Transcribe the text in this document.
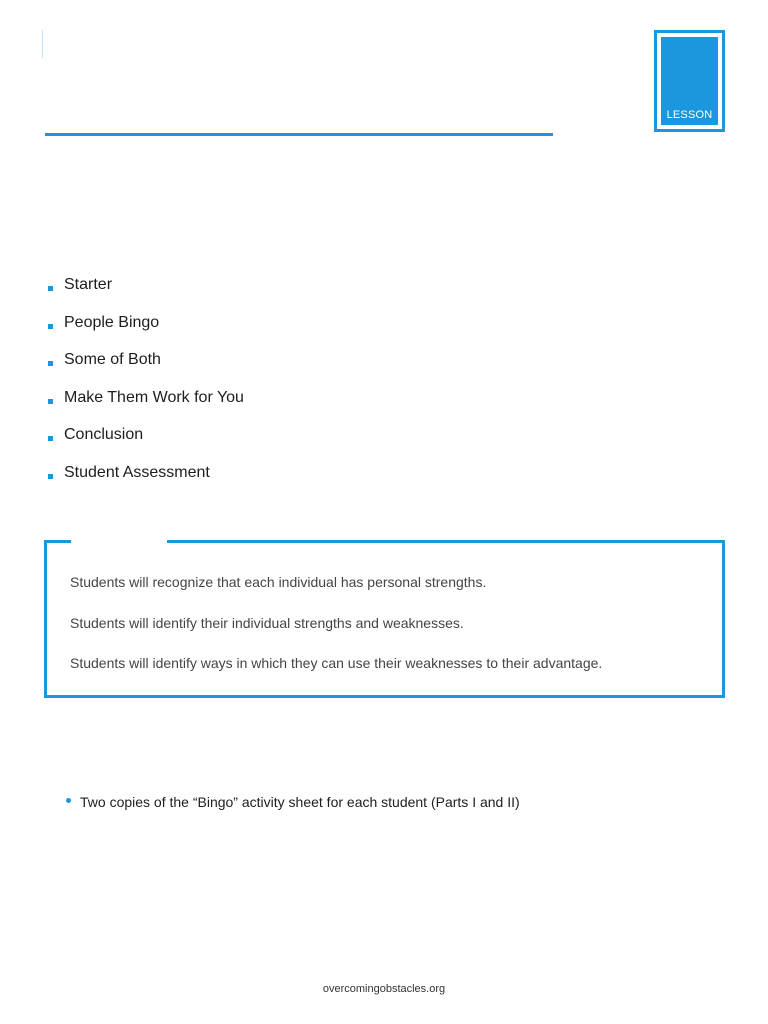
LESSON
Starter
People Bingo
Some of Both
Make Them Work for You
Conclusion
Student Assessment
Students will recognize that each individual has personal strengths.
Students will identify their individual strengths and weaknesses.
Students will identify ways in which they can use their weaknesses to their advantage.
Two copies of the “Bingo” activity sheet for each student (Parts I and II)
overcomingobstacles.org
